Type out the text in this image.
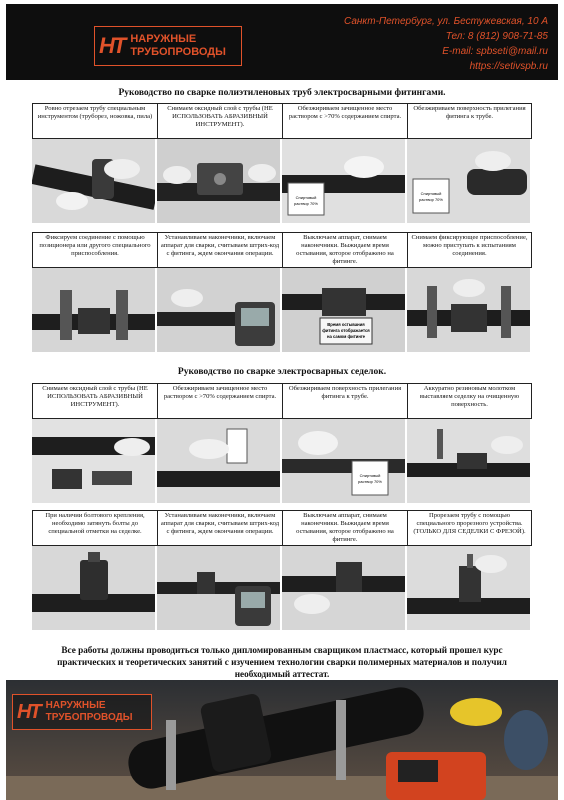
НТ НАРУЖНЫЕ
ТРУБОПРОВОДЫ
Санкт-Петербург, ул. Бестужевская, 10 А
Тел: 8 (812) 908-71-85
E-mail: spbseti@mail.ru
https://setivspb.ru
Руководство по сварке полиэтиленовых труб электросварными фитингами.
Ровно отрезаем трубу специальным инструментом (труборез, ножовка, пила)
Снимаем оксидный слой с трубы (НЕ ИСПОЛЬЗОВАТЬ АБРАЗИВНЫЙ ИНСТРУМЕНТ).
Обезжириваем зачищенное место раствором с >70% содержанием спирта.
Спиртовый
раствор 70%
Обезжириваем поверхность прилегания фитинга к трубе.
Спиртовый
раствор 70%
Фиксируем соединение с помощью позиционера или другого специального приспособления.
Устанавливаем наконечники, включаем аппарат для сварки, считываем штрих-код с фитинга, ждем окончания операции.
Выключаем аппарат, снимаем наконечники. Выжидаем время остывания, которое отображено на фитинге.
Время остывания
фитинга отображается
на самом фитинге
Снимаем фиксирующее приспособление, можно приступать к испытаниям соединения.
Руководство по сварке электросварных седелок.
Снимаем оксидный слой с трубы (НЕ ИСПОЛЬЗОВАТЬ АБРАЗИВНЫЙ ИНСТРУМЕНТ).
Обезжириваем зачищенное место раствором с >70% содержанием спирта.
Обезжириваем поверхность прилегания фитинга к трубе.
Спиртовый
раствор 70%
Аккуратно резиновым молотком выставляем седелку на очищенную поверхность.
При наличии болтового крепления, необходимо затянуть болты до специальной отметки на седелке.
Устанавливаем наконечники, включаем аппарат для сварки, считываем штрих-код с фитинга, ждем окончания операции.
Выключаем аппарат, снимаем наконечники. Выжидаем время остывания, которое отображено на фитинге.
Прорезаем трубу с помощью специального прорезного устройства. (ТОЛЬКО ДЛЯ СЕДЕЛКИ С ФРЕЗОЙ).
Все работы должны проводиться только дипломированным сварщиком пластмасс, который прошел курс практических и теоретических занятий с изучением технологии сварки полимерных материалов и получил необходимый аттестат.
НТ НАРУЖНЫЕ
ТРУБОПРОВОДЫ
